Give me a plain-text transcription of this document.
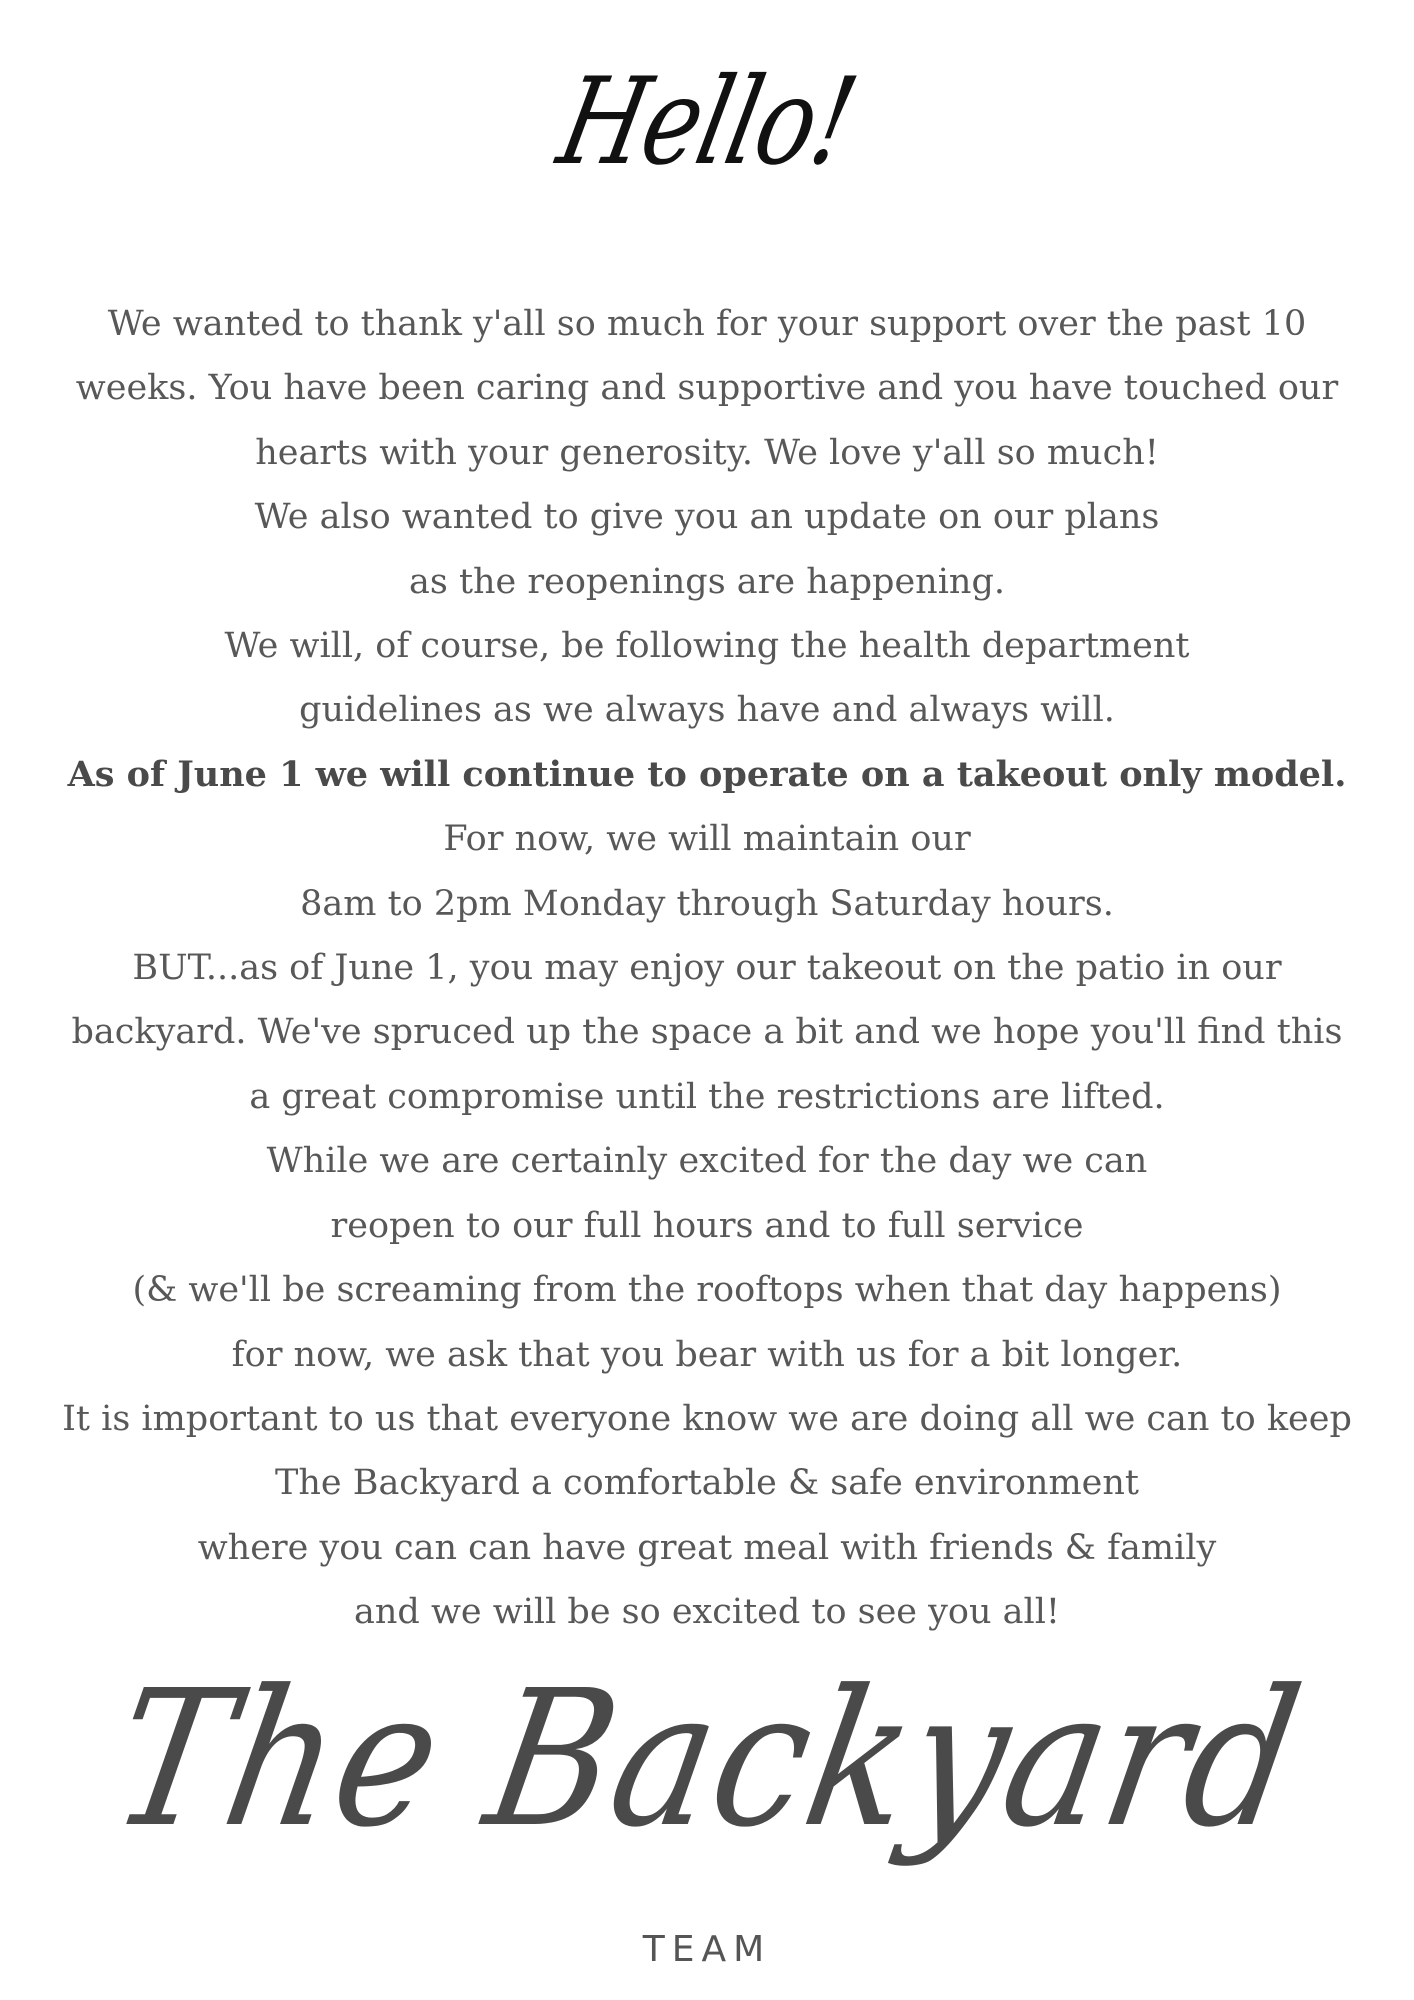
Hello!
We wanted to thank y'all so much for your support over the past 10
weeks. You have been caring and supportive and you have touched our
hearts with your generosity. We love y'all so much!
We also wanted to give you an update on our plans
as the reopenings are happening.
We will, of course, be following the health department
guidelines as we always have and always will.
As of June 1 we will continue to operate on a takeout only model.
For now, we will maintain our
8am to 2pm Monday through Saturday hours.
BUT...as of June 1, you may enjoy our takeout on the patio in our
backyard. We've spruced up the space a bit and we hope you'll find this
a great compromise until the restrictions are lifted.
While we are certainly excited for the day we can
reopen to our full hours and to full service
(& we'll be screaming from the rooftops when that day happens)
for now, we ask that you bear with us for a bit longer.
It is important to us that everyone know we are doing all we can to keep
The Backyard a comfortable & safe environment
where you can can have great meal with friends & family
and we will be so excited to see you all!
The Backyard
TEAM
